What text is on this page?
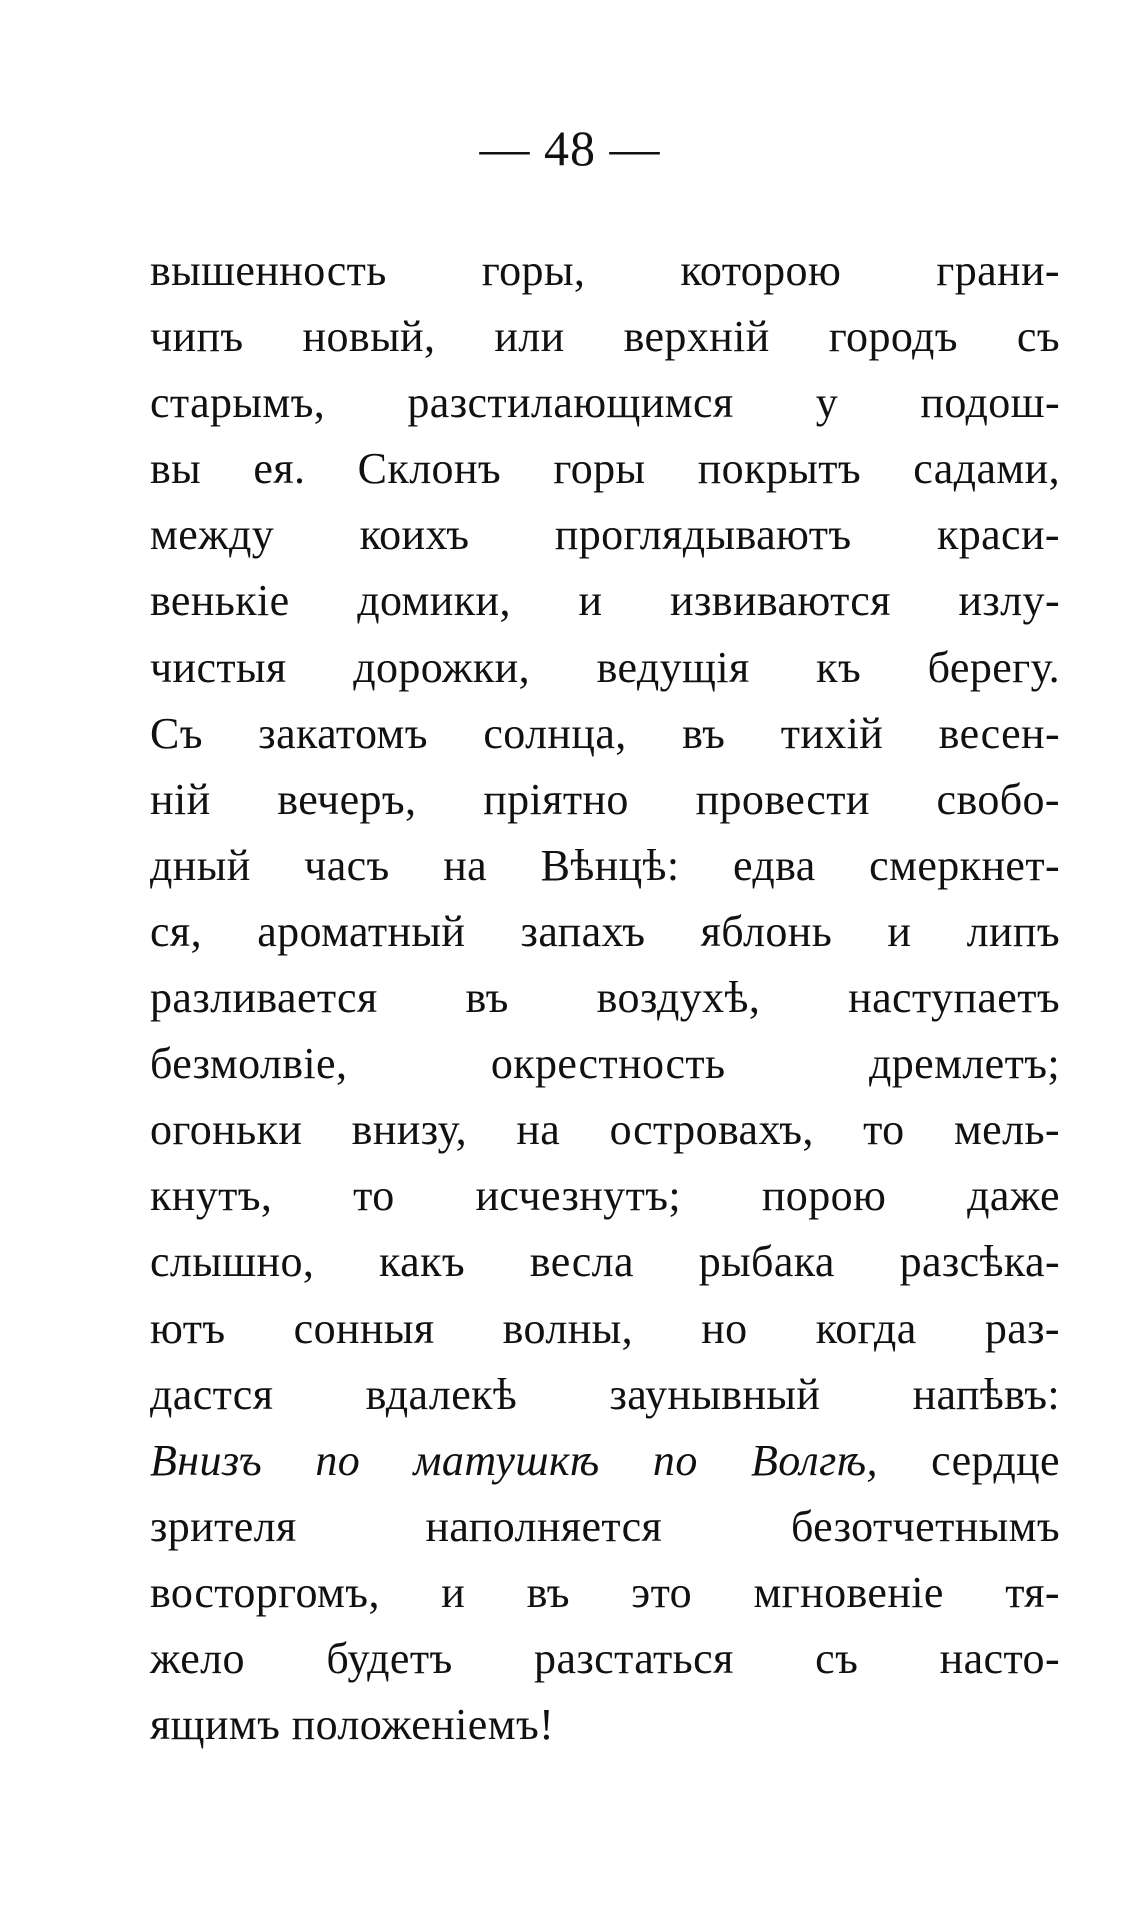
— 48 —
вышенность горы, которою грани-
чипъ новый, или верхній городъ съ
старымъ, разстилающимся у подош-
вы ея. Склонъ горы покрытъ садами,
между коихъ проглядываютъ краси-
венькіе домики, и извиваются излу-
чистыя дорожки, ведущія къ берегу.
Съ закатомъ солнца, въ тихій весен-
ній вечеръ, пріятно провести свобо-
дный часъ на Вѣнцѣ: едва смеркнет-
ся, ароматный запахъ яблонь и липъ
разливается въ воздухѣ, наступаетъ
безмолвіе, окрестность дремлетъ;
огоньки внизу, на островахъ, то мель-
кнутъ, то исчезнутъ; порою даже
слышно, какъ весла рыбака разсѣка-
ютъ сонныя волны, но когда раз-
дастся вдалекѣ заунывный напѣвъ:
Внизъ по матушкѣ по Волгѣ, сердце
зрителя наполняется безотчетнымъ
восторгомъ, и въ это мгновеніе тя-
жело будетъ разстаться съ насто-
ящимъ положеніемъ!
